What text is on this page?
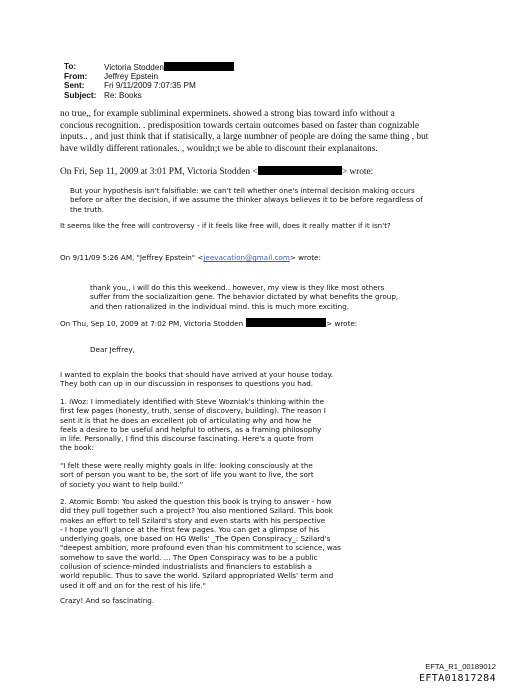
To:	Victoria Stodden
From: Jeffrey Epstein
Sent: Fri 9/11/2009 7:07:35 PM
Subject: Re: Books

no true,, for example subliminal experminets. showed a strong bias toward info without a

concious recognition. . predisposition towards certain outcomes based on faster than cognizable

inputs.. , and just think that if statisically, a large numbner of people are doing the same thing , but

have wildly different rationales. , wouldn;t we be able to discount their explanaitons.

On Fri, Sep 11, 2009 at 3:01 PM, Victoria Stodden <	> wrote:

But your hypothesis isn't falsifiable: we can't tell whether one's internal decision making occurs

before or after the decision, if we assume the thinker always believes it to be before regardless of

the truth.

It seems like the free will controversy - if it feels like free will, does it really matter if it isn't?
On 9/11/09 5:26 AM, "Jeffrey Epstein" <jeevacation@gmail.com> wrote:

thank you,, i will do this this weekend.. however, my view is they like most others

suffer from the socializaition gene. The behavior dictated by what benefits the group,

and then rationalized in the individual mind. this is much more exciting.

On Thu, Sep 10, 2009 at 7:02 PM, Victoria Stodden	> wrote:
Dear Jeffrey,

I wanted to explain the books that should have arrived at your house today.

They both can up in our discussion in responses to questions you had.

1. iWoz: I immediately identified with Steve Wozniak's thinking within the

first few pages (honesty, truth, sense of discovery, building). The reason I

sent it is that he does an excellent job of articulating why and how he

feels a desire to be useful and helpful to others, as a framing philosophy

in life. Personally, I find this discourse fascinating. Here's a quote from

the book:

"I felt these were really mighty goals in life: looking consciously at the

sort of person you want to be, the sort of life you want to live, the sort

of society you want to help build."

2. Atomic Bomb: You asked the question this book is trying to answer - how

did they pull together such a project? You also mentioned Szilard. This book

makes an effort to tell Szilard's story and even starts with his perspective

- I hope you'll glance at the first few pages. You can get a glimpse of his

underlying goals, one based on HG Wells' _The Open Conspiracy_: Szilard's

"deepest ambition, more profound even than his commitment to science, was

somehow to save the world. ... The Open Conspiracy was to be a public

collusion of science-minded industrialists and financiers to establish a

world republic. Thus to save the world. Szilard appropriated Wells' term and

used it off and on for the rest of his life."

Crazy! And so fascinating.
EFTA_R1_00189012
EFTA01817284
